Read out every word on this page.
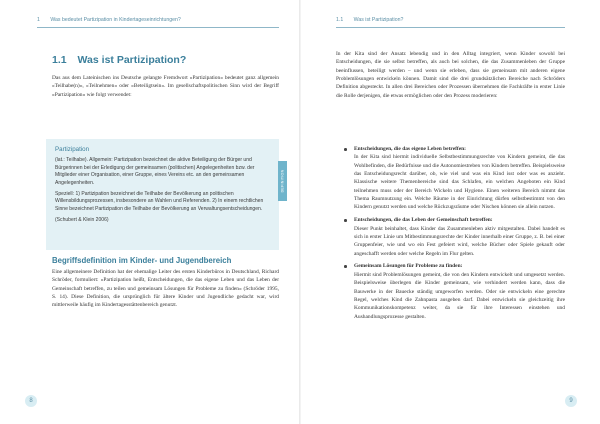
1 Was bedeutet Partizipation in Kindertageseinrichtungen?
1.1 Was ist Partizipation?

Das aus dem Lateinischen ins Deutsche gelangte Fremdwort »Partizipation« bedeutet ganz allgemein »Teilhabe(n)«, »Teilnehmen« oder »Beteiligtsein«. Im gesellschaftspolitischen Sinn wird der Begriff »Partizipation« wie folgt verwendet:

DEFINITION
Partizipation

(lat.: Teilhabe). Allgemein: Partizipation bezeichnet die aktive Beteiligung der Bürger und Bürgerinnen bei der Erledigung der gemeinsamen (politischen) Angelegenheiten bzw. der Mitglieder einer Organisation, einer Gruppe, eines Vereins etc. an den gemeinsamen Angelegenheiten.

Speziell: 1) Partizipation bezeichnet die Teilhabe der Bevölkerung an politischen Willensbildungsprozessen, insbesondere an Wahlen und Referenden. 2) In einem rechtlichen Sinne bezeichnet Partizipation die Teilhabe der Bevölkerung an Verwaltungsentscheidungen.

(Schubert & Klein 2006)

Begriffsdefinition im Kinder- und Jugendbereich

Eine allgemeinere Definition hat der ehemalige Leiter des ersten Kinderbüros in Deutschland, Richard Schröder, formuliert: »Partizipation heißt, Entscheidungen, die das eigene Leben und das Leben der Gemeinschaft betreffen, zu teilen und gemeinsam Lösungen für Probleme zu finden« (Schröder 1995, S. 14). Diese Definition, die ursprünglich für ältere Kinder und Jugendliche gedacht war, wird mittlerweile häufig im Kindertagesstättenbereich genutzt.

8
1.1 Was ist Partizipation?

In der Kita sind der Ansatz lebendig und in den Alltag integriert, wenn Kinder sowohl bei Entscheidungen, die sie selbst betreffen, als auch bei solchen, die das Zusammenleben der Gruppe beeinflussen, beteiligt werden – und wenn sie erleben, dass sie gemeinsam mit anderen eigene Problemlösungen entwickeln können. Damit sind die drei grundsätzlichen Bereiche nach Schröders Definition abgesteckt. In allen drei Bereichen oder Prozessen übernehmen die Fachkräfte in erster Linie die Rolle derjenigen, die etwas ermöglichen oder den Prozess moderieren:

Entscheidungen, die das eigene Leben betreffen:
In der Kita sind hiermit individuelle Selbstbestimmungsrechte von Kindern gemeint, die das Wohlbefinden, die Bedürfnisse und die Autonomiestreben von Kindern betreffen. Beispielsweise das Entscheidungsrecht darüber, ob, wie viel und was ein Kind isst oder was es anzieht. Klassische weitere Themenbereiche sind das Schlafen, ein welchen Angeboten ein Kind teilnehmen muss oder der Bereich Wickeln und Hygiene. Einen weiteren Bereich nimmt das Thema Raumnutzung ein. Welche Räume in der Einrichtung dürfen selbstbestimmt von den Kindern genutzt werden und welche Rückzugsräume oder Nischen können sie allein nutzen.
Entscheidungen, die das Leben der Gemeinschaft betreffen:
Dieser Punkt beinhaltet, dass Kinder das Zusammenleben aktiv mitgestalten. Dabei handelt es sich in erster Linie um Mitbestimmungsrechte der Kinder innerhalb einer Gruppe, z. B. bei einer Gruppenfeier, wie und wo ein Fest gefeiert wird, welche Bücher oder Spiele gekauft oder angeschafft werden oder welche Regeln im Flur gelten.
Gemeinsam Lösungen für Probleme zu finden:
Hiermit sind Problemlösungen gemeint, die von den Kindern entwickelt und umgesetzt werden. Beispielsweise überlegen die Kinder gemeinsam, wie verhindert werden kann, dass die Bauwerke in der Bauecke ständig umgeworfen werden. Oder sie entwickeln eine gerechte Regel, welches Kind die Zahnpasta ausgeben darf. Dabei entwickeln sie gleichzeitig ihre Kommunikationskompetenz weiter, da sie für ihre Interessen einstehen und Aushandlungsprozesse gestalten.
9
